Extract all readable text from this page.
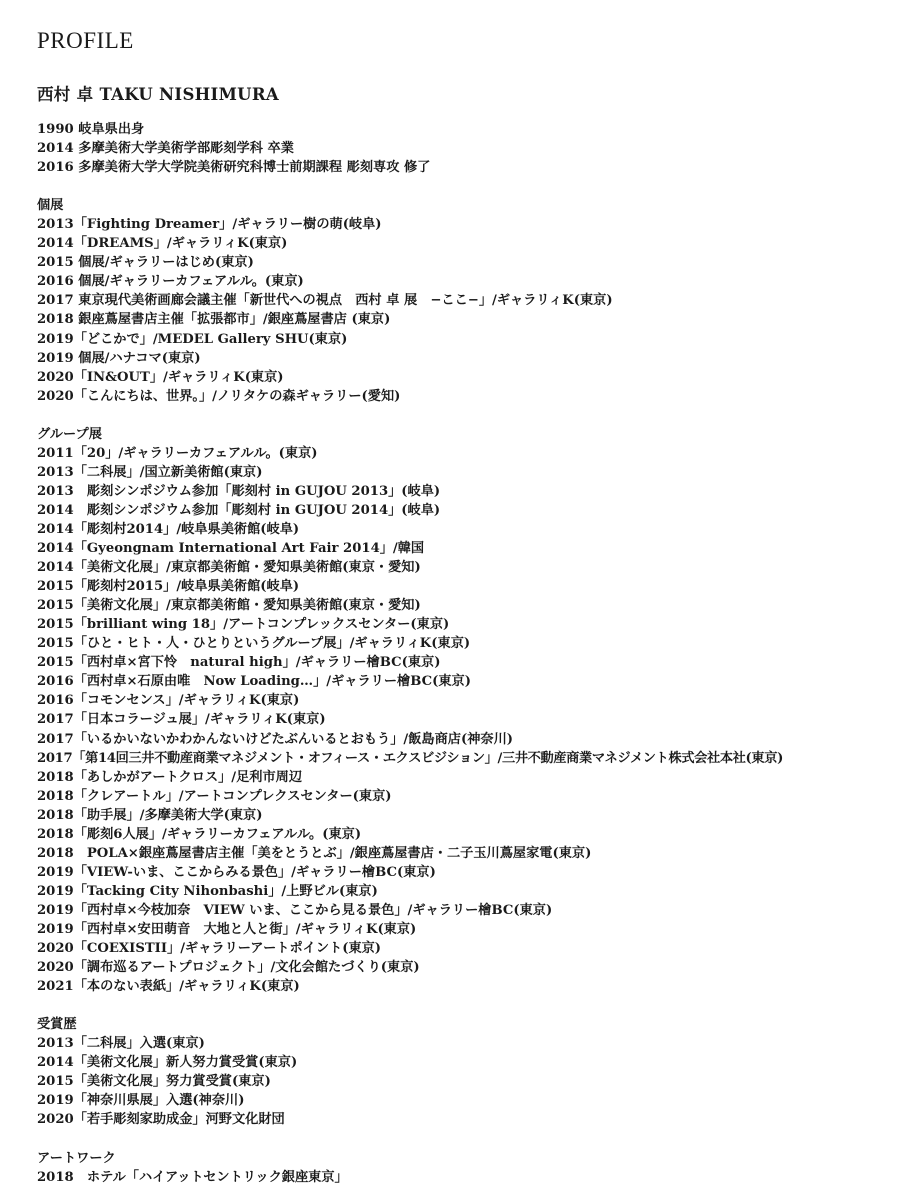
PROFILE
西村 卓 TAKU NISHIMURA
1990 岐阜県出身
2014 多摩美術大学美術学部彫刻学科 卒業
2016 多摩美術大学大学院美術研究科博士前期課程 彫刻専攻 修了
個展
2013「Fighting Dreamer」/ギャラリー樹の萌(岐阜)
2014「DREAMS」/ギャラリィK(東京)
2015 個展/ギャラリーはじめ(東京)
2016 個展/ギャラリーカフェアルル。(東京)
2017 東京現代美術画廊会議主催「新世代への視点　西村 卓 展　−ここ−」/ギャラリィK(東京)
2018 銀座蔦屋書店主催「拡張都市」/銀座蔦屋書店 (東京)
2019「どこかで」/MEDEL Gallery SHU(東京)
2019 個展/ハナコマ(東京)
2020「IN&OUT」/ギャラリィK(東京)
2020「こんにちは、世界。」/ノリタケの森ギャラリー(愛知)
グループ展
2011「20」/ギャラリーカフェアルル。(東京)
2013「二科展」/国立新美術館(東京)
2013　彫刻シンポジウム参加「彫刻村 in GUJOU 2013」(岐阜)
2014　彫刻シンポジウム参加「彫刻村 in GUJOU 2014」(岐阜)
2014「彫刻村2014」/岐阜県美術館(岐阜)
2014「Gyeongnam International Art Fair 2014」/韓国
2014「美術文化展」/東京都美術館・愛知県美術館(東京・愛知)
2015「彫刻村2015」/岐阜県美術館(岐阜)
2015「美術文化展」/東京都美術館・愛知県美術館(東京・愛知)
2015「brilliant wing 18」/アートコンプレックスセンター(東京)
2015「ひと・ヒト・人・ひとりというグループ展」/ギャラリィK(東京)
2015「西村卓×宮下怜　natural high」/ギャラリー檜BC(東京)
2016「西村卓×石原由唯　Now Loading…」/ギャラリー檜BC(東京)
2016「コモンセンス」/ギャラリィK(東京)
2017「日本コラージュ展」/ギャラリィK(東京)
2017「いるかいないかわかんないけどたぶんいるとおもう」/飯島商店(神奈川)
2017「第14回三井不動産商業マネジメント・オフィース・エクスビジション」/三井不動産商業マネジメント株式会社本社(東京)
2018「あしかがアートクロス」/足利市周辺
2018「クレアートル」/アートコンプレクスセンター(東京)
2018「助手展」/多摩美術大学(東京)
2018「彫刻6人展」/ギャラリーカフェアルル。(東京)
2018　POLA×銀座蔦屋書店主催「美をとうとぶ」/銀座蔦屋書店・二子玉川蔦屋家電(東京)
2019「VIEW-いま、ここからみる景色」/ギャラリー檜BC(東京)
2019「Tacking City Nihonbashi」/上野ビル(東京)
2019「西村卓×今枝加奈　VIEW いま、ここから見る景色」/ギャラリー檜BC(東京)
2019「西村卓×安田萌音　大地と人と街」/ギャラリィK(東京)
2020「COEXISTII」/ギャラリーアートポイント(東京)
2020「調布巡るアートプロジェクト」/文化会館たづくり(東京)
2021「本のない表紙」/ギャラリィK(東京)
受賞歴
2013「二科展」入選(東京)
2014「美術文化展」新人努力賞受賞(東京)
2015「美術文化展」努力賞受賞(東京)
2019「神奈川県展」入選(神奈川)
2020「若手彫刻家助成金」河野文化財団
アートワーク
2018　ホテル「ハイアットセントリック銀座東京」
